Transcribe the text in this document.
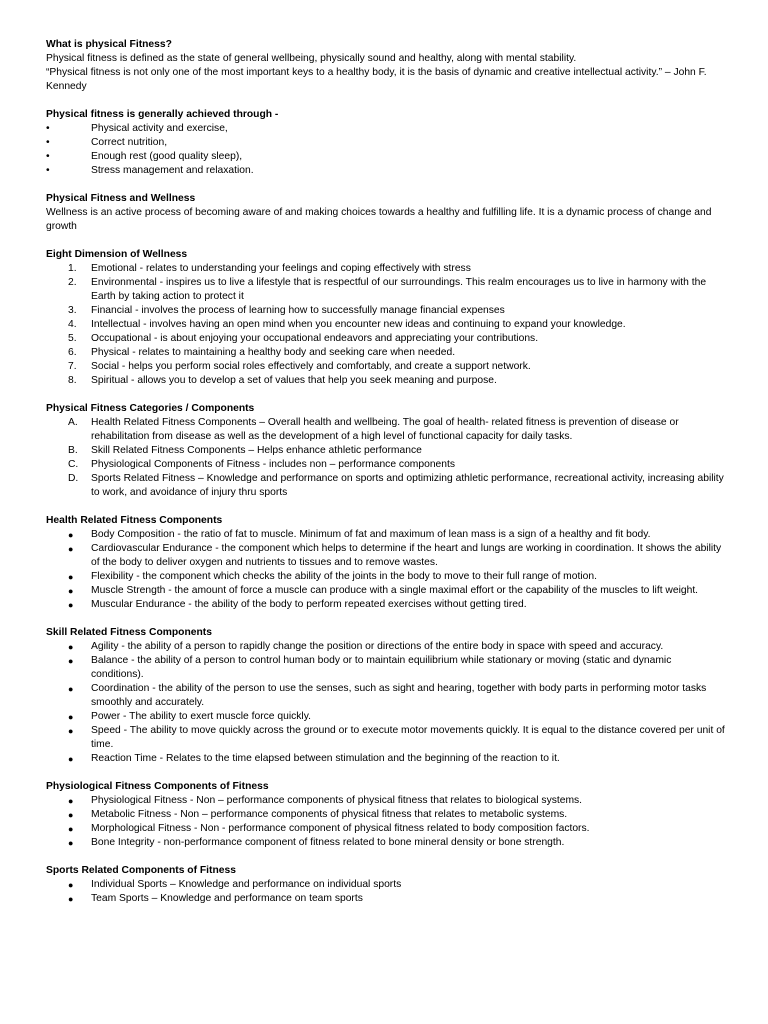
What is physical Fitness?

Physical fitness is defined as the state of general wellbeing, physically sound and healthy, along with mental stability.

“Physical fitness is not only one of the most important keys to a healthy body, it is the basis of dynamic and creative intellectual activity.” – John F. Kennedy

Physical fitness is generally achieved through -

•	Physical activity and exercise,
•	Correct nutrition,
•	Enough rest (good quality sleep),
•	Stress management and relaxation.

Physical Fitness and Wellness

Wellness is an active process of becoming aware of and making choices towards a healthy and fulfilling life. It is a dynamic process of change and growth

Eight Dimension of Wellness

1.	Emotional - relates to understanding your feelings and coping effectively with stress
2.	Environmental - inspires us to live a lifestyle that is respectful of our surroundings. This realm encourages us to live in harmony with the Earth by taking action to protect it
3.	Financial - involves the process of learning how to successfully manage financial expenses
4.	Intellectual - involves having an open mind when you encounter new ideas and continuing to expand your knowledge.
5.	Occupational - is about enjoying your occupational endeavors and appreciating your contributions.
6.	Physical - relates to maintaining a healthy body and seeking care when needed.
7.	Social - helps you perform social roles effectively and comfortably, and create a support network.
8.	Spiritual - allows you to develop a set of values that help you seek meaning and purpose.

Physical Fitness Categories / Components

A.	Health Related Fitness Components – Overall health and wellbeing. The goal of health- related fitness is prevention of disease or rehabilitation from disease as well as the development of a high level of functional capacity for daily tasks.
B.	Skill Related Fitness Components – Helps enhance athletic performance
C.	Physiological Components of Fitness - includes non – performance components
D.	Sports Related Fitness – Knowledge and performance on sports and optimizing athletic performance, recreational activity, increasing ability to work, and avoidance of injury thru sports

Health Related Fitness Components

●	Body Composition - the ratio of fat to muscle. Minimum of fat and maximum of lean mass is a sign of a healthy and fit body.
●	Cardiovascular Endurance - the component which helps to determine if the heart and lungs are working in coordination. It shows the ability of the body to deliver oxygen and nutrients to tissues and to remove wastes.
●	Flexibility - the component which checks the ability of the joints in the body to move to their full range of motion.
●	Muscle Strength - the amount of force a muscle can produce with a single maximal effort or the capability of the muscles to lift weight.
●	Muscular Endurance - the ability of the body to perform repeated exercises without getting tired.

Skill Related Fitness Components

●	Agility - the ability of a person to rapidly change the position or directions of the entire body in space with speed and accuracy.
●	Balance - the ability of a person to control human body or to maintain equilibrium while stationary or moving (static and dynamic conditions).
●	Coordination - the ability of the person to use the senses, such as sight and hearing, together with body parts in performing motor tasks smoothly and accurately.
●	Power - The ability to exert muscle force quickly.
●	Speed - The ability to move quickly across the ground or to execute motor movements quickly. It is equal to the distance covered per unit of time.
●	Reaction Time - Relates to the time elapsed between stimulation and the beginning of the reaction to it.

Physiological Fitness Components of Fitness

●	Physiological Fitness - Non – performance components of physical fitness that relates to biological systems.
●	Metabolic Fitness - Non – performance components of physical fitness that relates to metabolic systems.
●	Morphological Fitness - Non - performance component of physical fitness related to body composition factors.
●	Bone Integrity - non-performance component of fitness related to bone mineral density or bone strength.

Sports Related Components of Fitness

●	Individual Sports – Knowledge and performance on individual sports
●	Team Sports – Knowledge and performance on team sports
